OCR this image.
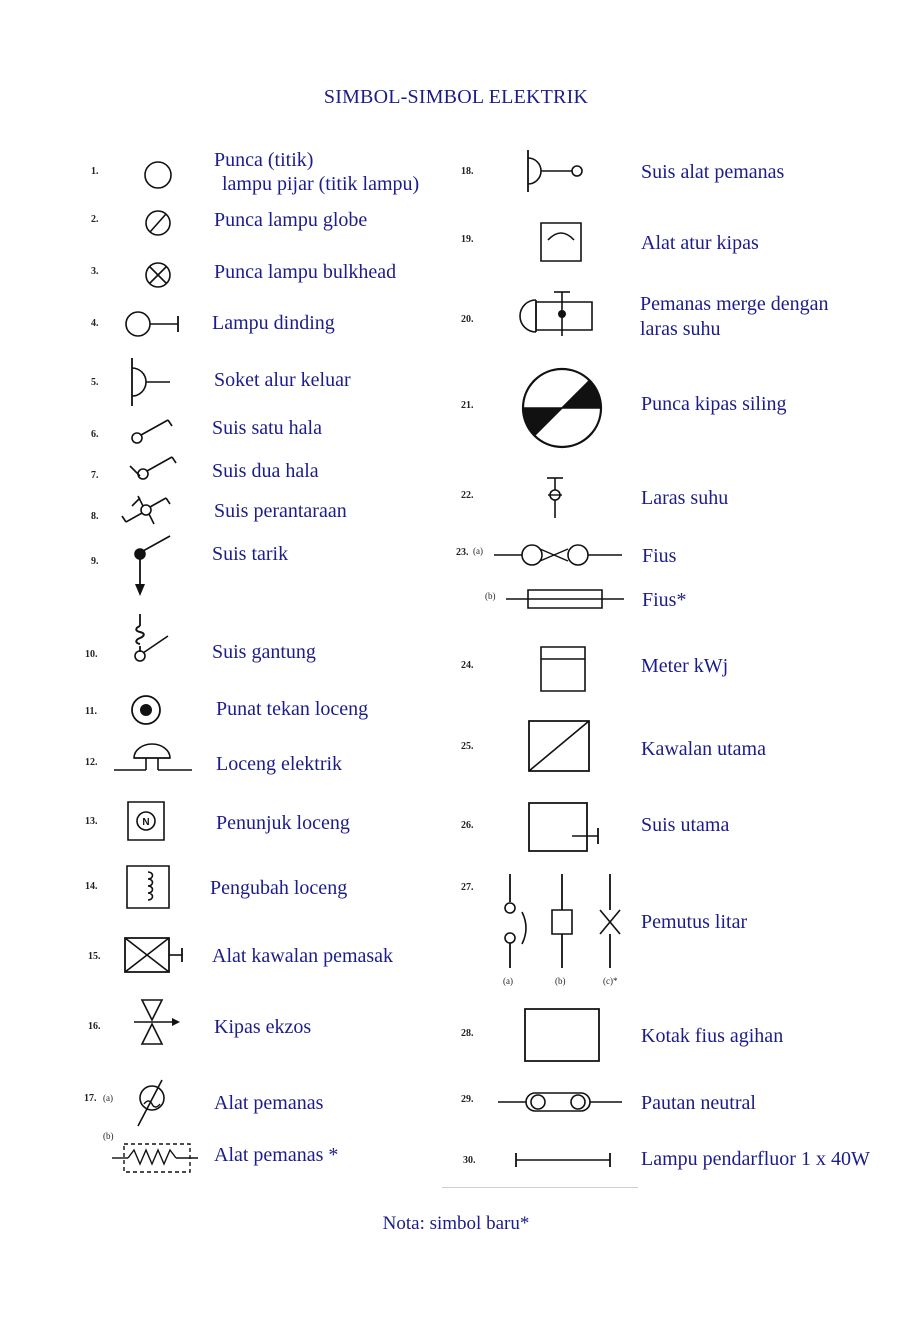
SIMBOL-SIMBOL ELEKTRIK
1.
Punca (titik)
lampu pijar (titik lampu)
2.	Punca lampu globe
3.	Punca lampu bulkhead
4.	Lampu dinding
5.	Soket alur keluar
6.	Suis satu hala
7.	Suis dua hala
8.	Suis perantaraan
9.	Suis tarik
10.	Suis gantung
11.	Punat tekan loceng
12.	Loceng elektrik
13.	N	Penunjuk loceng
14.	Pengubah loceng
15.	Alat kawalan pemasak
16.	Kipas ekzos
17. (a)	Alat pemanas
(b)
Alat pemanas *
18.	Suis alat pemanas
19.	Alat atur kipas
20.
Pemanas merge dengan
laras suhu
21.	Punca kipas siling
22.	Laras suhu
23. (a)	Fius
(b)	Fius*
24.	Meter kWj
25.	Kawalan utama
26.	Suis utama
27.
(a)	(b)	(c)*
Pemutus litar
28.	Kotak fius agihan
29.	Pautan neutral
30.	Lampu pendarfluor 1 x 40W
Nota: simbol baru*
